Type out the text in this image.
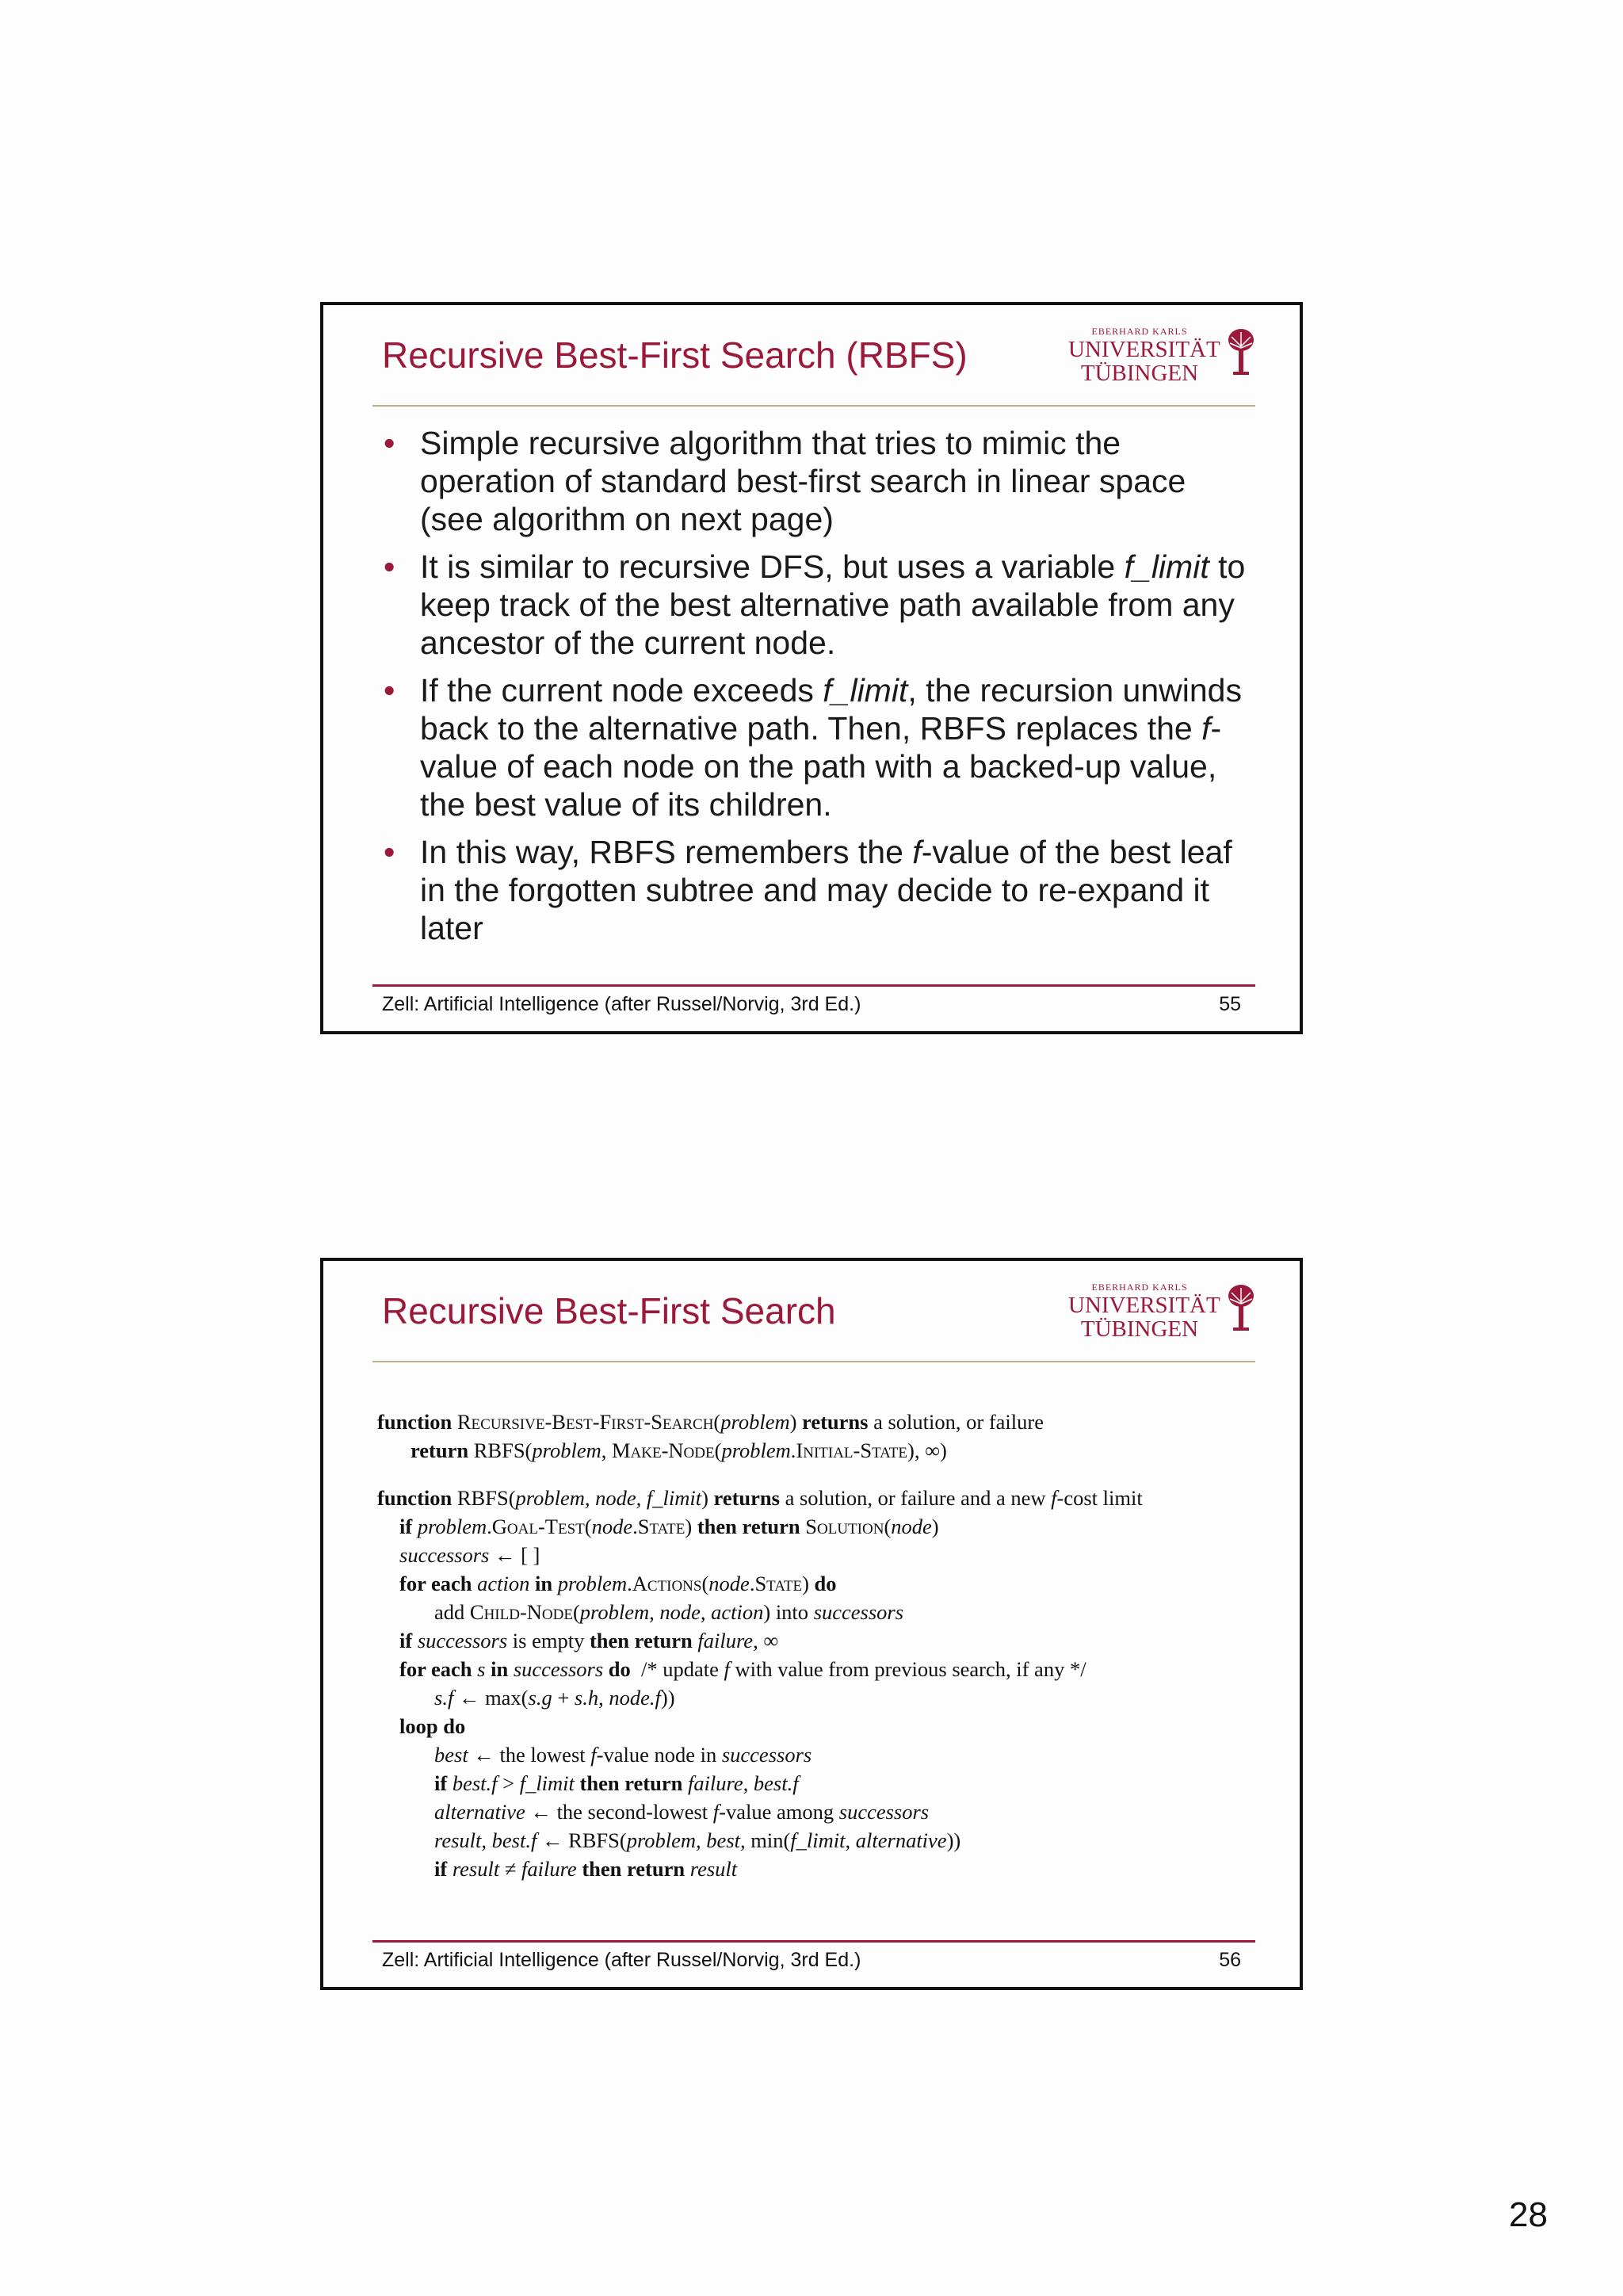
Recursive Best-First Search (RBFS)
EBERHARD KARLS
UNIVERSITÄT
TÜBINGEN
• Simple recursive algorithm that tries to mimic the operation of standard best-first search in linear space (see algorithm on next page)
• It is similar to recursive DFS, but uses a variable f_limit to keep track of the best alternative path available from any ancestor of the current node.
• If the current node exceeds f_limit, the recursion unwinds back to the alternative path. Then, RBFS replaces the f-value of each node on the path with a backed-up value, the best value of its children.
• In this way, RBFS remembers the f-value of the best leaf in the forgotten subtree and may decide to re-expand it later
Zell: Artificial Intelligence (after Russel/Norvig, 3rd Ed.)	55
Recursive Best-First Search
EBERHARD KARLS
UNIVERSITÄT
TÜBINGEN
function Recursive-Best-First-Search(problem) returns a solution, or failure
return RBFS(problem, Make-Node(problem.Initial-State), ∞)
function RBFS(problem, node, f_limit) returns a solution, or failure and a new f-cost limit
if problem.Goal-Test(node.State) then return Solution(node)
successors ← [ ]
for each action in problem.Actions(node.State) do
add Child-Node(problem, node, action) into successors
if successors is empty then return failure, ∞
for each s in successors do /* update f with value from previous search, if any */
s.f ← max(s.g + s.h, node.f))
loop do
best ← the lowest f-value node in successors
if best.f > f_limit then return failure, best.f
alternative ← the second-lowest f-value among successors
result, best.f ← RBFS(problem, best, min(f_limit, alternative))
if result ≠ failure then return result
Zell: Artificial Intelligence (after Russel/Norvig, 3rd Ed.)	56
28
